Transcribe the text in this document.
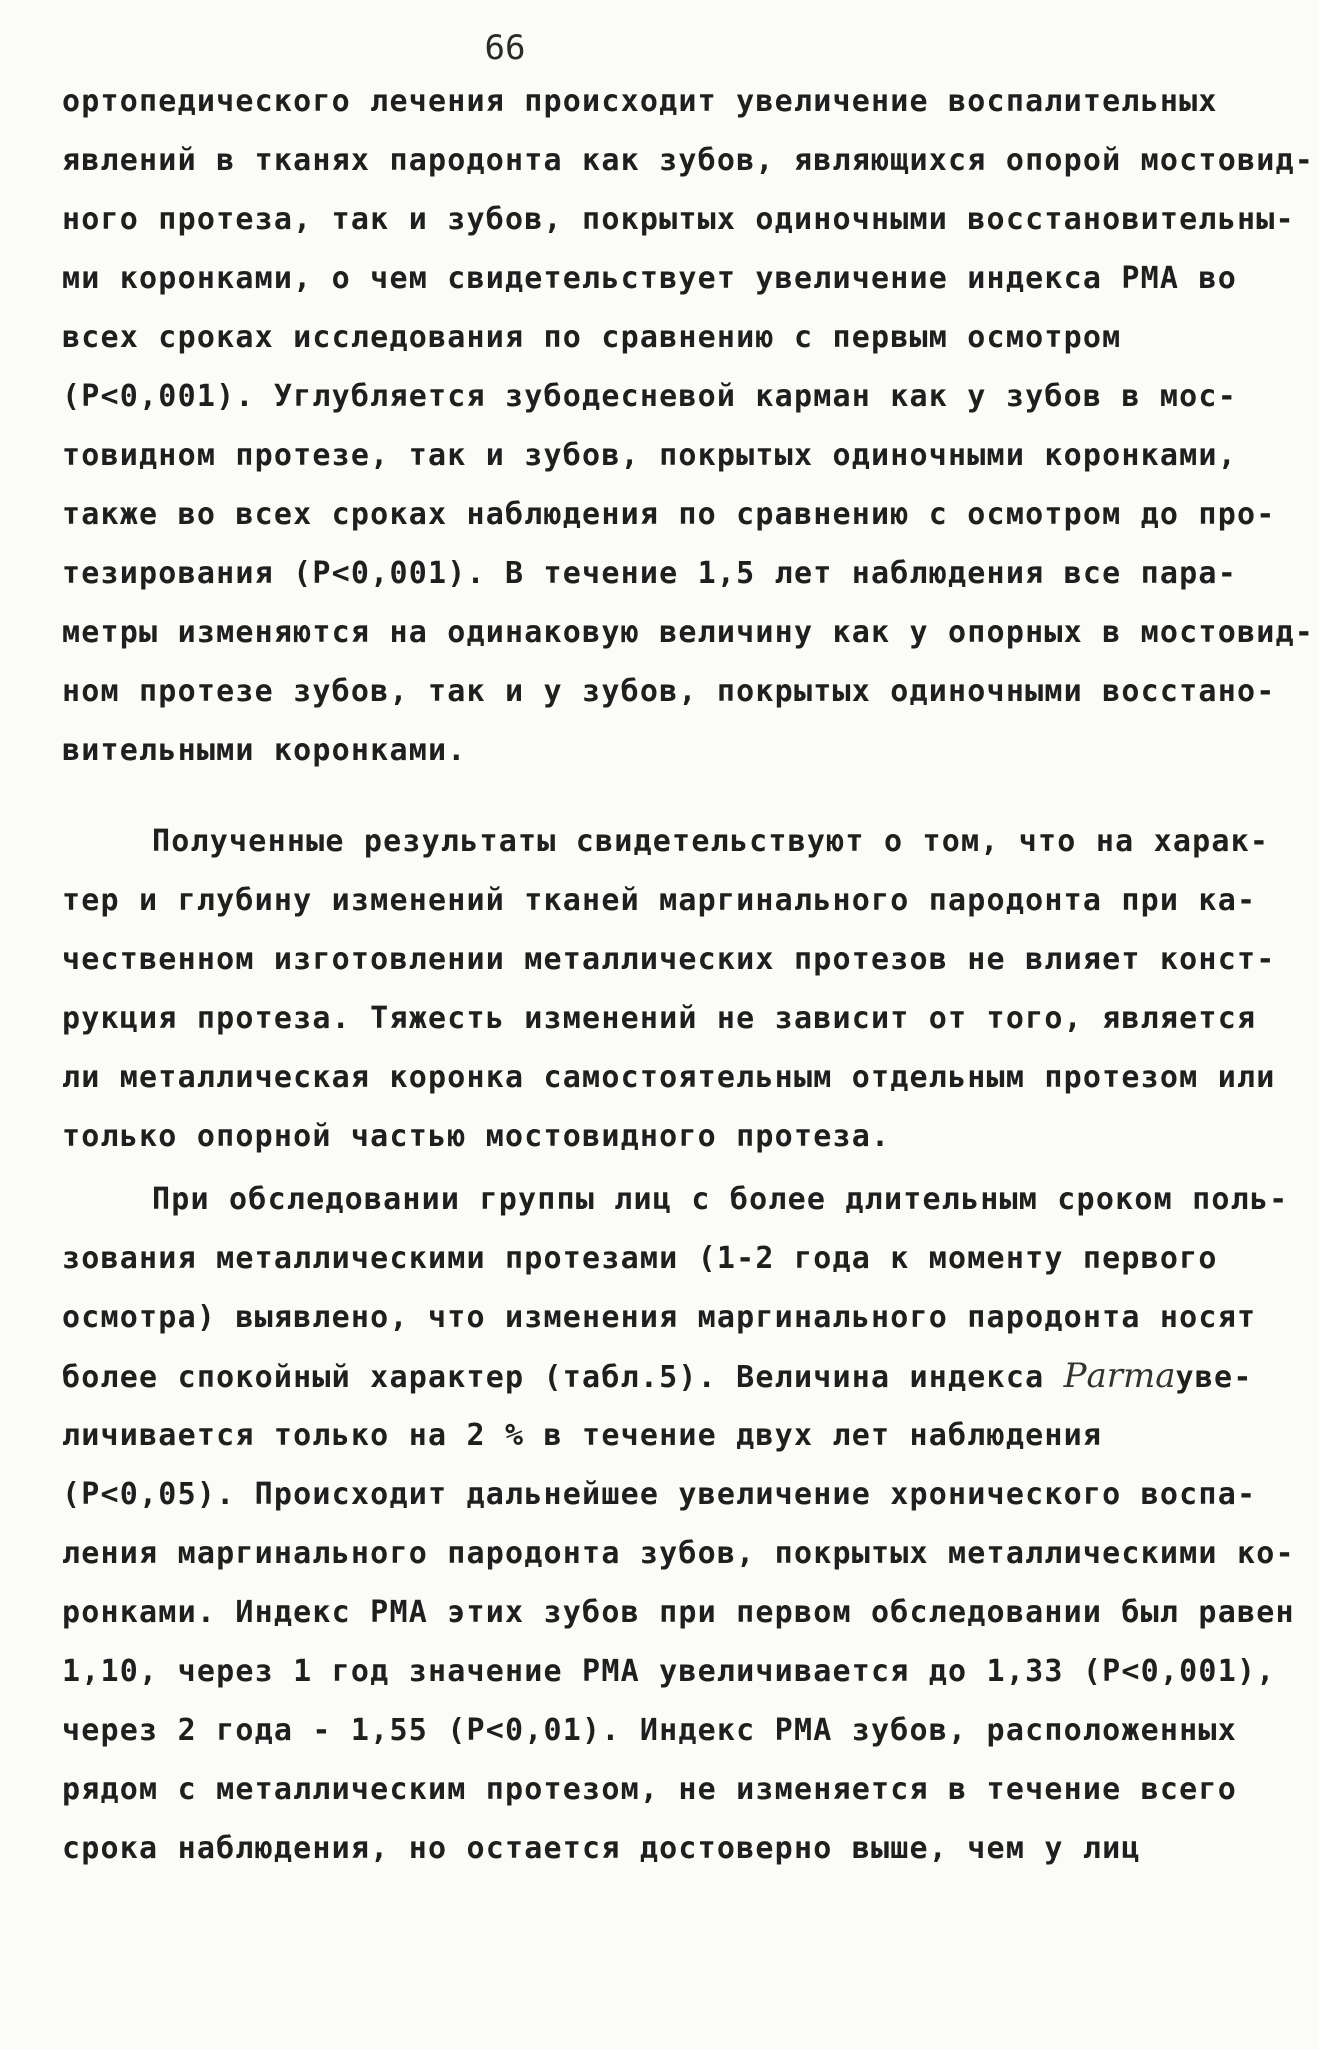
66
ортопедического лечения происходит увеличение воспалительных
явлений в тканях пародонта как зубов, являющихся опорой мостовид-
ного протеза, так и зубов, покрытых одиночными восстановительны-
ми коронками, о чем свидетельствует увеличение индекса РМА во
всех сроках исследования по сравнению с первым осмотром
(Р<0,001). Углубляется зубодесневой карман как у зубов в мос-
товидном протезе, так и зубов, покрытых одиночными коронками,
также во всех сроках наблюдения по сравнению с осмотром до про-
тезирования (Р<0,001). В течение 1,5 лет наблюдения все пара-
метры изменяются на одинаковую величину как у опорных в мостовид-
ном протезе зубов, так и у зубов, покрытых одиночными восстано-
вительными коронками.
Полученные результаты свидетельствуют о том, что на харак-
тер и глубину изменений тканей маргинального пародонта при ка-
чественном изготовлении металлических протезов не влияет конст-
рукция протеза. Тяжесть изменений не зависит от того, является
ли металлическая коронка самостоятельным отдельным протезом или
только опорной частью мостовидного протеза.
При обследовании группы лиц с более длительным сроком поль-
зования металлическими протезами (1-2 года к моменту первого
осмотра) выявлено, что изменения маргинального пародонта носят
более спокойный характер (табл.5). Величина индекса Рarmaуве-
личивается только на 2 % в течение двух лет наблюдения
(Р<0,05). Происходит дальнейшее увеличение хронического воспа-
ления маргинального пародонта зубов, покрытых металлическими ко-
ронками. Индекс РМА этих зубов при первом обследовании был равен
1,10, через 1 год значение РМА увеличивается до 1,33 (Р<0,001),
через 2 года - 1,55 (Р<0,01). Индекс РМА зубов, расположенных
рядом с металлическим протезом, не изменяется в течение всего
срока наблюдения, но остается достоверно выше, чем у лиц
